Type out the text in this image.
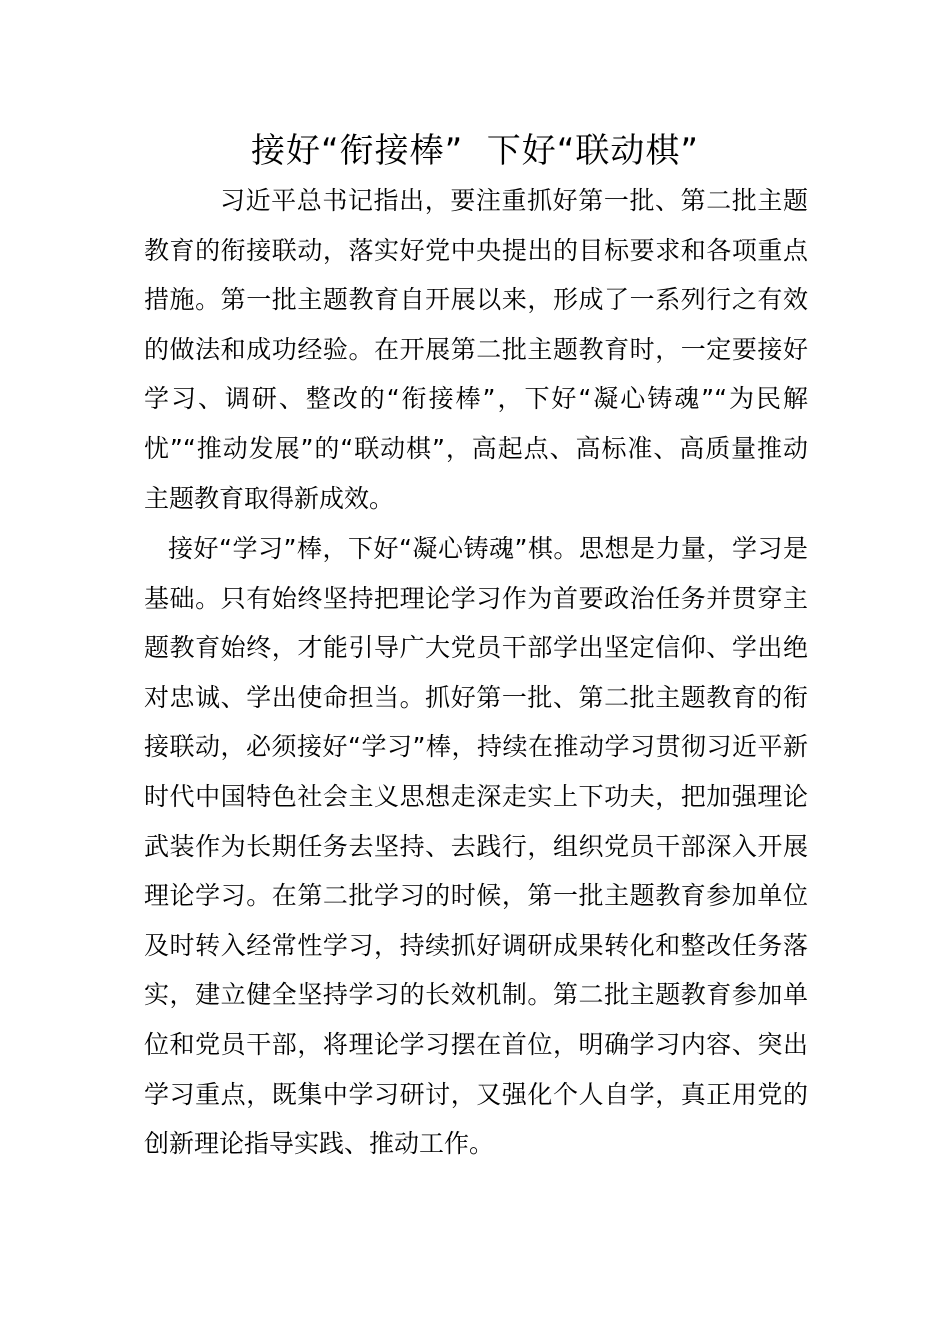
接好“衔接棒”  下好“联动棋”

习近平总书记指出，要注重抓好第一批、第二批主题教育的衔接联动，落实好党中央提出的目标要求和各项重点措施。第一批主题教育自开展以来，形成了一系列行之有效的做法和成功经验。在开展第二批主题教育时，一定要接好学习、调研、整改的“衔接棒”，下好“凝心铸魂”“为民解忧”“推动发展”的“联动棋”，高起点、高标准、高质量推动主题教育取得新成效。

接好“学习”棒，下好“凝心铸魂”棋。思想是力量，学习是基础。只有始终坚持把理论学习作为首要政治任务并贯穿主题教育始终，才能引导广大党员干部学出坚定信仰、学出绝对忠诚、学出使命担当。抓好第一批、第二批主题教育的衔接联动，必须接好“学习”棒，持续在推动学习贯彻习近平新时代中国特色社会主义思想走深走实上下功夫，把加强理论武装作为长期任务去坚持、去践行，组织党员干部深入开展理论学习。在第二批学习的时候，第一批主题教育参加单位及时转入经常性学习，持续抓好调研成果转化和整改任务落实，建立健全坚持学习的长效机制。第二批主题教育参加单位和党员干部，将理论学习摆在首位，明确学习内容、突出学习重点，既集中学习研讨，又强化个人自学，真正用党的创新理论指导实践、推动工作。
